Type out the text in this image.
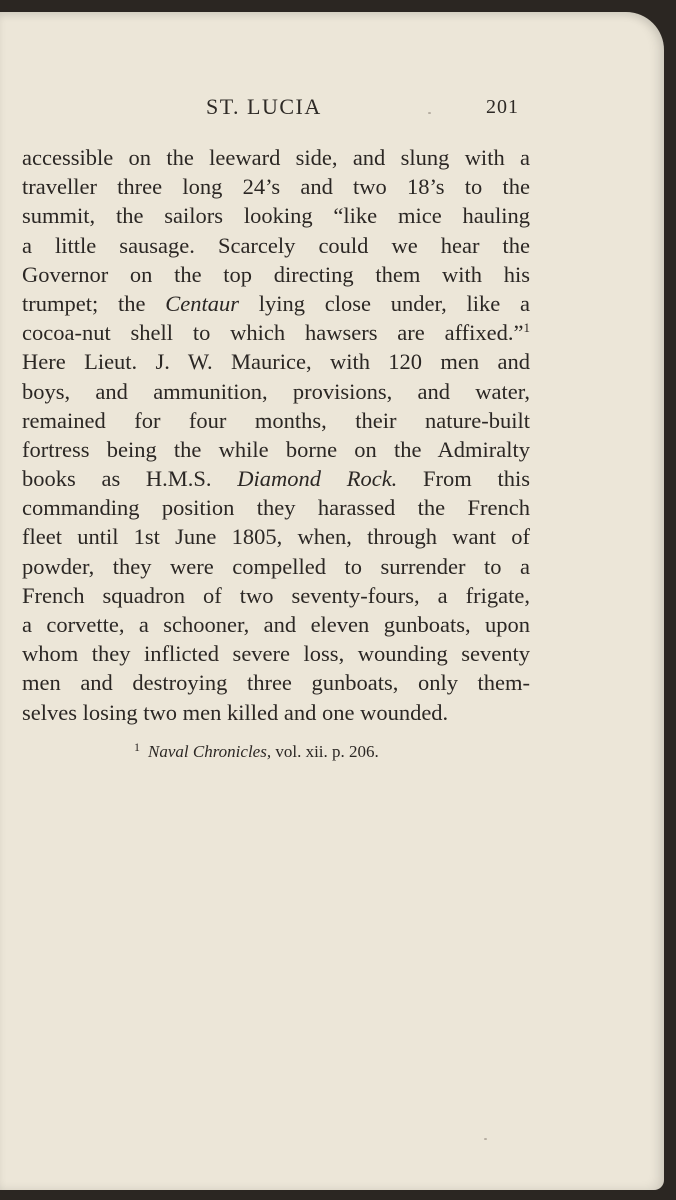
ST. LUCIA	201
accessible on the leeward side, and slung with a
traveller three long 24’s and two 18’s to the
summit, the sailors looking “like mice hauling
a little sausage. Scarcely could we hear the
Governor on the top directing them with his
trumpet; the Centaur lying close under, like a
cocoa-nut shell to which hawsers are affixed.”$^1$
Here Lieut. J. W. Maurice, with 120 men and
boys, and ammunition, provisions, and water,
remained for four months, their nature-built
fortress being the while borne on the Admiralty
books as H.M.S. Diamond Rock. From this
commanding position they harassed the French
fleet until 1st June 1805, when, through want of
powder, they were compelled to surrender to a
French squadron of two seventy-fours, a frigate,
a corvette, a schooner, and eleven gunboats, upon
whom they inflicted severe loss, wounding seventy
men and destroying three gunboats, only them-
selves losing two men killed and one wounded.
$^1$ Naval Chronicles, vol. xii. p. 206.
